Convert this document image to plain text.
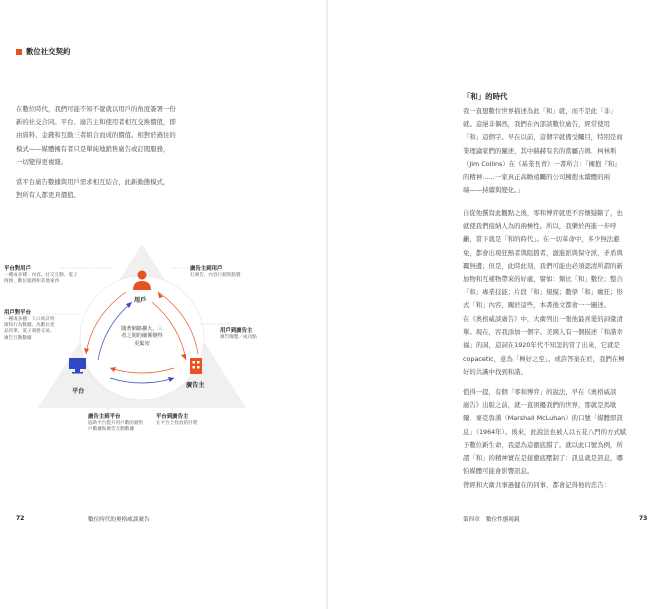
數位社交契約
在數位時代，我們可能不知不覺就以用戶的角度簽署一份
新的社交合同。平台、廣告主和使用者相互交換價值，即
由資料、金錢和互動三者組合而成的價值。相對於過往的
模式——媒體擁有者只是單純地銷售廣告或訂閱服務，
一切變得更複雜。
當平台廣告數據與用戶需求相互結合，此新動態模式，
對所有人都更具價值。
用戶
平台
廣告主
隨著網路擴大，三
者之間的關係變得
更緊密
平台對用戶
一種或多種：內容、社交互動、電子
商務、數位服務和其他東西
用戶對平台
一種或多種：人口統計特
徵和行為數據、為數位產
品買單、電子商務交易、
廣告互動數據
廣告主到用戶
打廣告、內容行銷和點贊
用戶到廣告主
廣告曝覽／成功點
廣告主到平台
協助平台提升用戶數的銷售
戶數據和廣告互動數據
平台到廣告主
在平台上投放的付費
72	數位時代的奧格威談廣告
「和」的時代
我一直想數位世界描述為此「和」就，而不是此「非」
就。這絕非偶然，我們在內部談數位廣告，經常使用
「和」這個字。早在以前，這個字就備受矚目，特別是商
業理論家們的闡述，其中赫赫有名的當屬吉姆．柯林斯
（Jim Collins）在《基業長青》一書所言：「擁抱『和』
的精神……一家真正高瞻遠矚的公司擁抱永續體的兩
端——持續與變化。」
自從他撰寫此觀點之後，零和博弈就更不容懷疑斷了，也
就使我們接納人為的兩極性。所以，我樂於再進一步呼
籲，當下就是「和的時代」。在一切革命中，多少無法避
免，都會出現狂熱者與阻擋者，激進派與保守派，矛盾與
羈無邊；但是，此時此刻，我們可能也必須認清所謂的新
加物和互補物帶來的好處，譬如：類比「和」數位；整合
「和」專業技能；片段「和」規模；數學「和」瘋狂；形
式「和」內容，關於這些，本書後文都會一一闡述。
在《奧格威談廣告》中，大衛列出一張他最喜愛的詞彙清
單。現在，容我添加一個字。美國人有一個描述「和諧幸
福」的詞，這詞在1920年代不知怎的冒了出來，它就是
copacetic，意為「極好之至」。或許答案在於，我們在極
好的共識中找到和諧。
值得一提，有個「零和博弈」的說法，早在《奧格威談
廣告》出版之前，就一直困擾我們的世界，那就是馬歇
爾．麥克魯漢（Marshall McLuhan）的口號「媒體即訊
息」（1964年）。後來，此說法也被人以五花八門的方式賦
予數位新生命，我認為這徹底錯了。就以此口號為例，所
謂「和」的精神實在是接徹底壓制了：訊息就是訊息，哪
怕媒體可能會影響訊息。
曾經和大衛共事過健在的同事，都會記得他的忠告：
第四章 數位性態視鏡	73
